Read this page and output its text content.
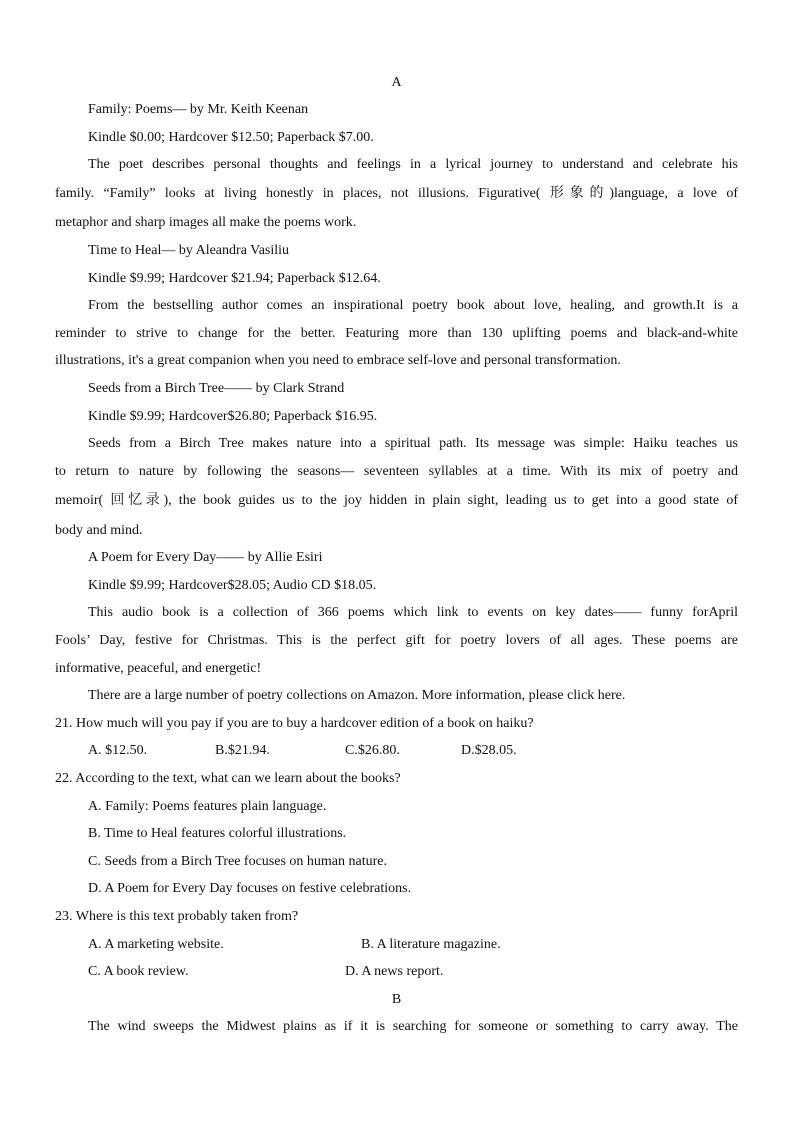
A

Family: Poems— by Mr. Keith Keenan

Kindle $0.00; Hardcover $12.50; Paperback $7.00.

The poet describes personal thoughts and feelings in a lyrical journey to understand and celebrate his

family. “Family” looks at living honestly in places, not illusions. Figurative( 形象的)language, a love of

metaphor and sharp images all make the poems work.

Time to Heal— by Aleandra Vasiliu

Kindle $9.99; Hardcover $21.94; Paperback $12.64.

From the bestselling author comes an inspirational poetry book about love, healing, and growth.It is a

reminder to strive to change for the better. Featuring more than 130 uplifting poems and black-and-white

illustrations, it's a great companion when you need to embrace self-love and personal transformation.

Seeds from a Birch Tree—— by Clark Strand

Kindle $9.99; Hardcover$26.80; Paperback $16.95.

Seeds from a Birch Tree makes nature into a spiritual path. Its message was simple: Haiku teaches us

to return to nature by following the seasons— seventeen syllables at a time. With its mix of poetry and

memoir( 回忆录), the book guides us to the joy hidden in plain sight, leading us to get into a good state of

body and mind.

A Poem for Every Day—— by Allie Esiri

Kindle $9.99; Hardcover$28.05; Audio CD $18.05.

This audio book is a collection of 366 poems which link to events on key dates—— funny forApril

Fools’ Day, festive for Christmas. This is the perfect gift for poetry lovers of all ages. These poems are

informative, peaceful, and energetic!

There are a large number of poetry collections on Amazon. More information, please click here.

21. How much will you pay if you are to buy a hardcover edition of a book on haiku?

A. $12.50.	B.$21.94.	C.$26.80.	D.$28.05.

22. According to the text, what can we learn about the books?

A. Family: Poems features plain language.

B. Time to Heal features colorful illustrations.

C. Seeds from a Birch Tree focuses on human nature.

D. A Poem for Every Day focuses on festive celebrations.

23. Where is this text probably taken from?

A. A marketing website.	B. A literature magazine.
C. A book review.	D. A news report.

B

The wind sweeps the Midwest plains as if it is searching for someone or something to carry away. The
